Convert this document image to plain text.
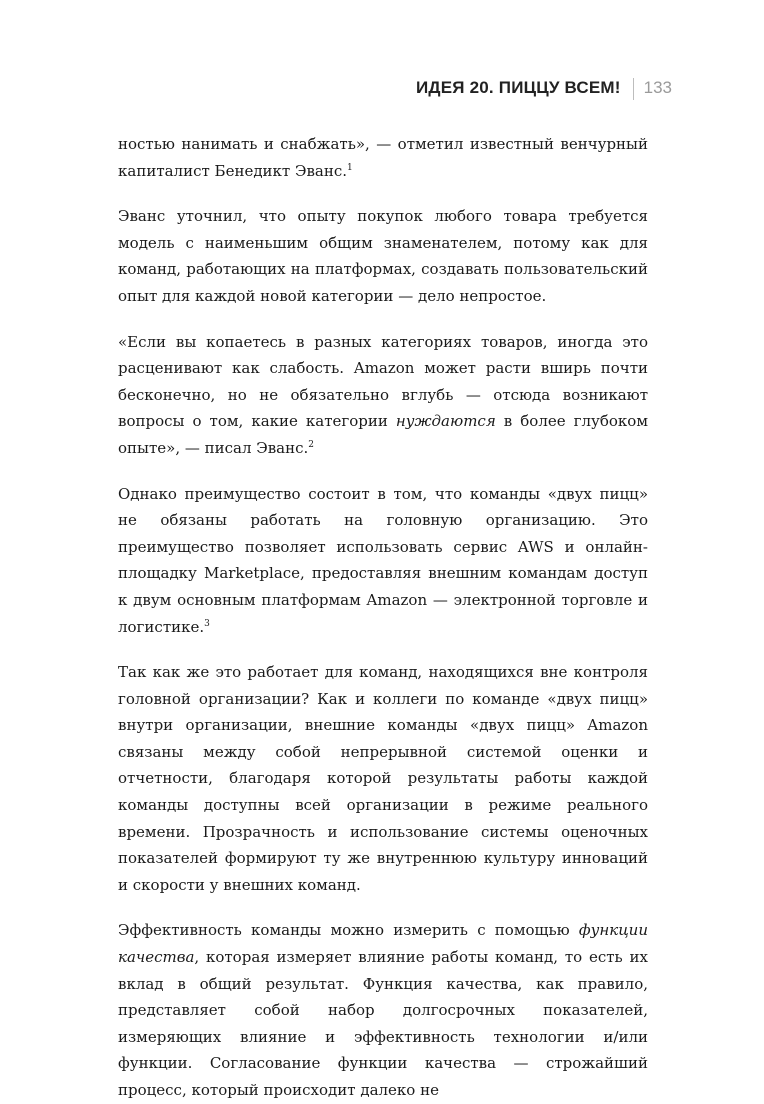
ИДЕЯ 20. ПИЦЦУ ВСЕМ! 133

ностью нанимать и снабжать», — отметил известный венчурный капиталист Бенедикт Эванс.$^1$

Эванс уточнил, что опыту покупок любого товара требуется модель с наименьшим общим знаменателем, потому как для команд, работающих на платформах, создавать пользовательский опыт для каждой новой категории — дело непростое.

«Если вы копаетесь в разных категориях товаров, иногда это расценивают как слабость. Amazon может расти вширь почти бесконечно, но не обязательно вглубь — отсюда возникают вопросы о том, какие категории нуждаются в более глубоком опыте», — писал Эванс.$^2$

Однако преимущество состоит в том, что команды «двух пицц» не обязаны работать на головную организацию. Это преимущество позволяет использовать сервис AWS и онлайн-площадку Marketplace, предоставляя внешним командам доступ к двум основным платформам Amazon — электронной торговле и логистике.$^3$

Так как же это работает для команд, находящихся вне контроля головной организации? Как и коллеги по команде «двух пицц» внутри организации, внешние команды «двух пицц» Amazon связаны между собой непрерывной системой оценки и отчетности, благодаря которой результаты работы каждой команды доступны всей организации в режиме реального времени. Прозрачность и использование системы оценочных показателей формируют ту же внутреннюю культуру инноваций и скорости у внешних команд.

Эффективность команды можно измерить с помощью функции качества, которая измеряет влияние работы команд, то есть их вклад в общий результат. Функция качества, как правило, представляет собой набор долгосрочных показателей, измеряющих влияние и эффективность технологии и/или функции. Согласование функции качества — строжайший процесс, который происходит далеко не
